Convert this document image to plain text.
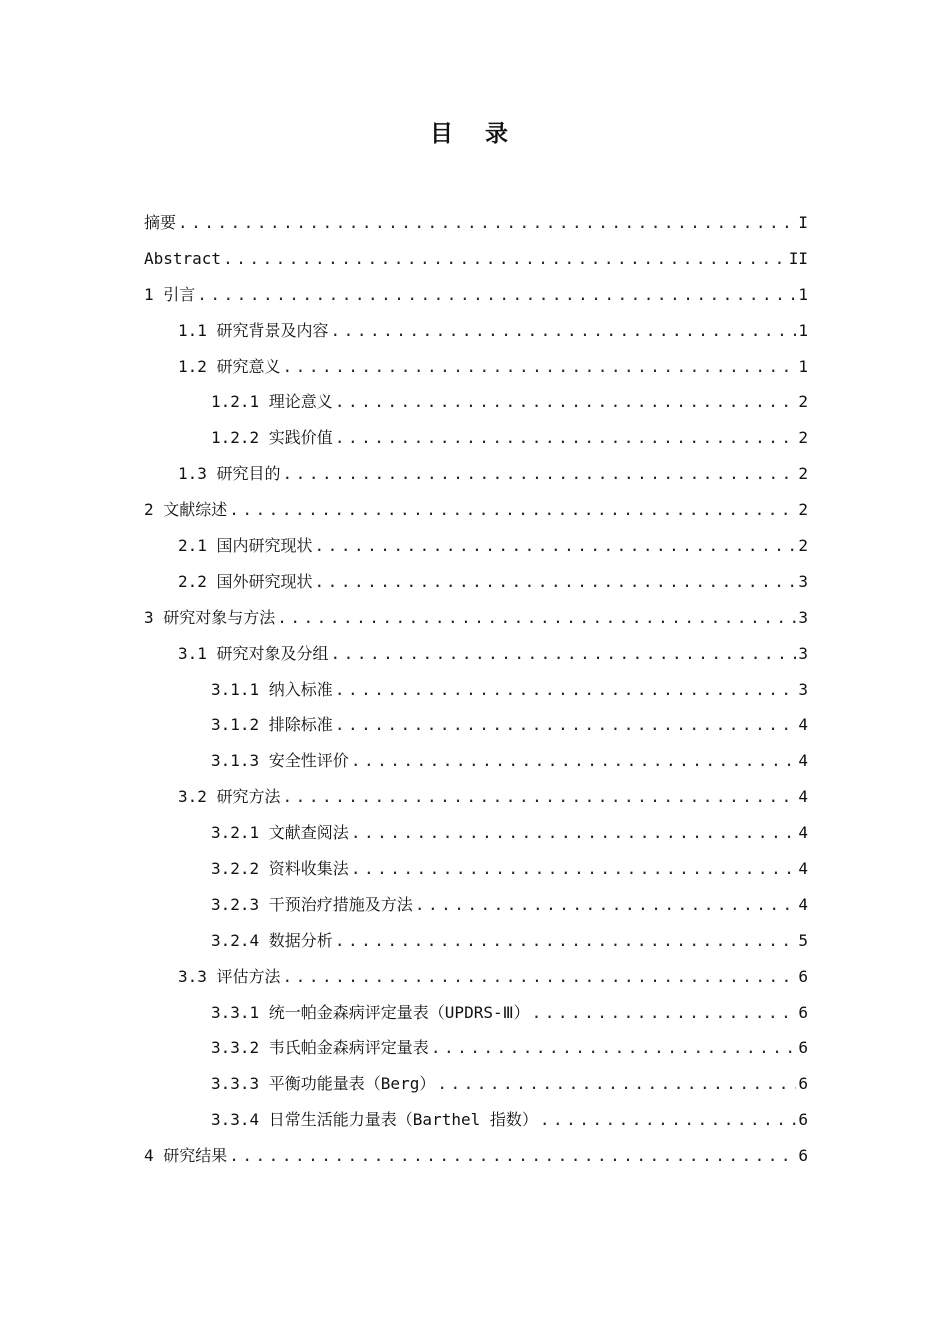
目 录
摘要 .....	I
Abstract .....	II
1 引言 .....	1
1.1 研究背景及内容 .....	1
1.2 研究意义 .....	1
1.2.1 理论意义 .....	2
1.2.2 实践价值 .....	2
1.3 研究目的 .....	2
2 文献综述 .....	2
2.1 国内研究现状 .....	2
2.2 国外研究现状 .....	3
3 研究对象与方法 .....	3
3.1 研究对象及分组 .....	3
3.1.1 纳入标准 .....	3
3.1.2 排除标准 .....	4
3.1.3 安全性评价 .....	4
3.2 研究方法 .....	4
3.2.1 文献查阅法 .....	4
3.2.2 资料收集法 .....	4
3.2.3 干预治疗措施及方法 .....	4
3.2.4 数据分析 .....	5
3.3 评估方法 .....	6
3.3.1 统一帕金森病评定量表（UPDRS-Ⅲ） .....	6
3.3.2 韦氏帕金森病评定量表 .....	6
3.3.3 平衡功能量表（Berg） .....	6
3.3.4 日常生活能力量表（Barthel 指数） .....	6
4 研究结果 .....	6
